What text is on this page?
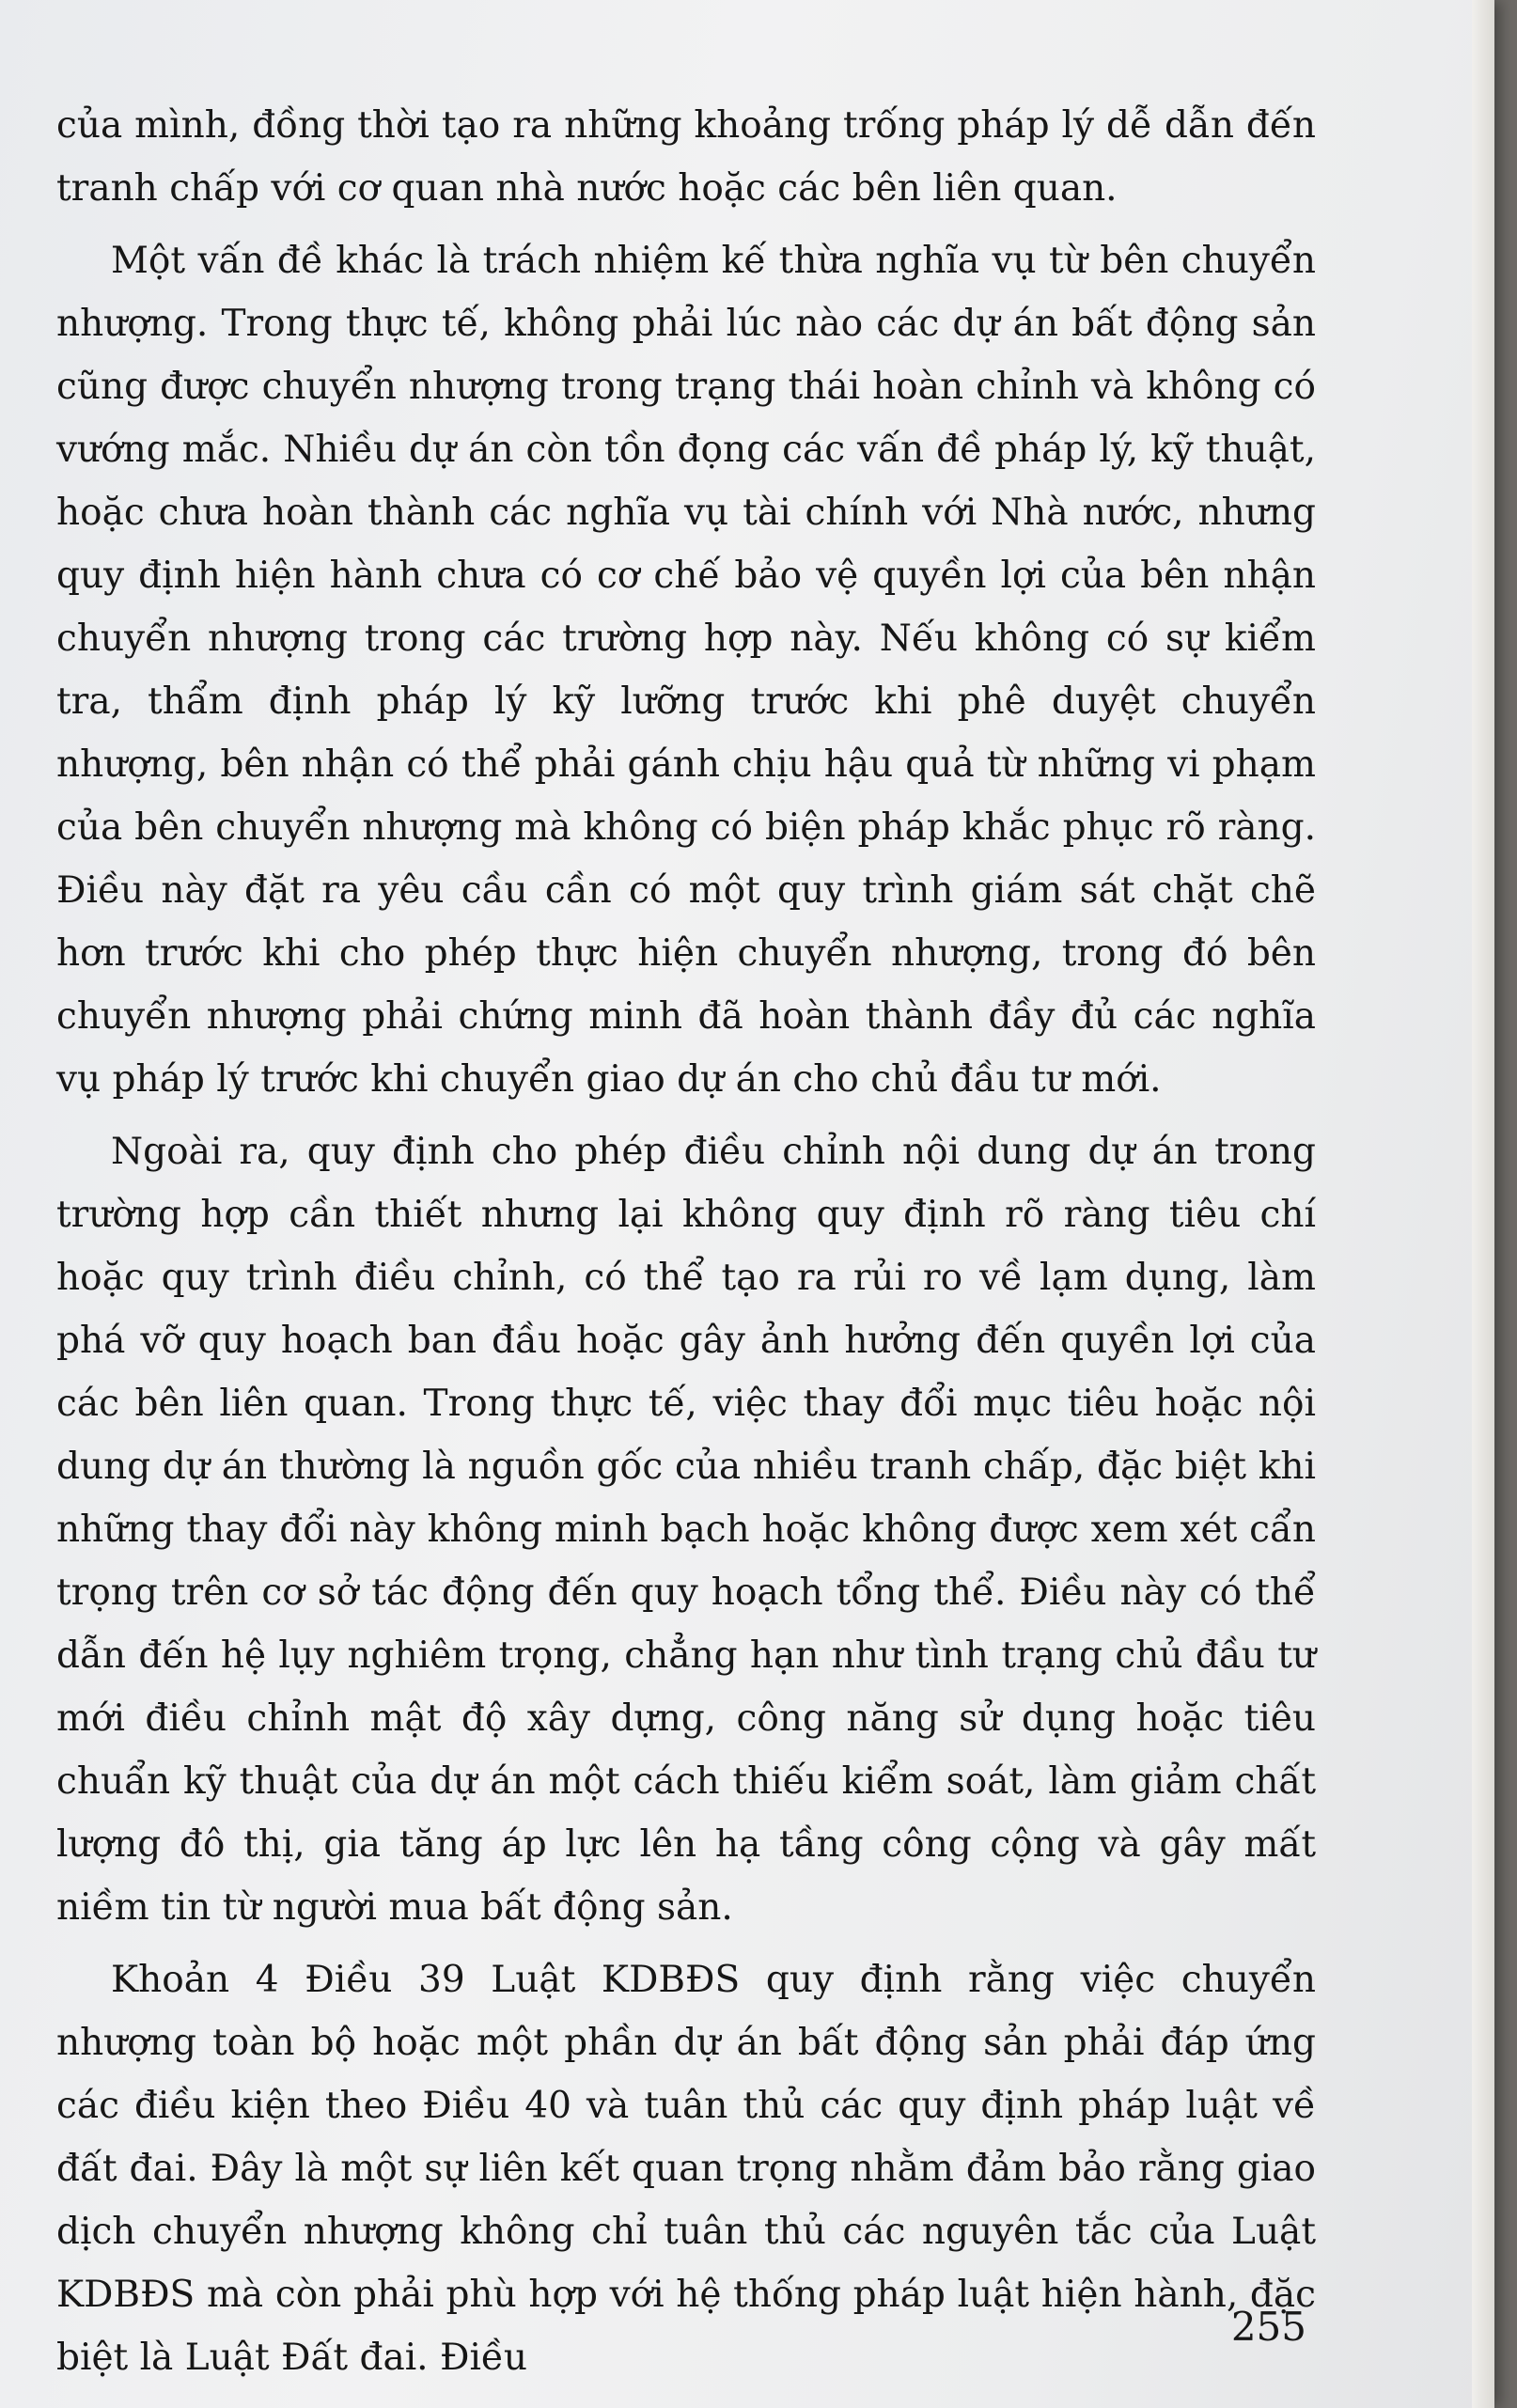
của mình, đồng thời tạo ra những khoảng trống pháp lý dễ dẫn đến tranh chấp với cơ quan nhà nước hoặc các bên liên quan.

Một vấn đề khác là trách nhiệm kế thừa nghĩa vụ từ bên chuyển nhượng. Trong thực tế, không phải lúc nào các dự án bất động sản cũng được chuyển nhượng trong trạng thái hoàn chỉnh và không có vướng mắc. Nhiều dự án còn tồn đọng các vấn đề pháp lý, kỹ thuật, hoặc chưa hoàn thành các nghĩa vụ tài chính với Nhà nước, nhưng quy định hiện hành chưa có cơ chế bảo vệ quyền lợi của bên nhận chuyển nhượng trong các trường hợp này. Nếu không có sự kiểm tra, thẩm định pháp lý kỹ lưỡng trước khi phê duyệt chuyển nhượng, bên nhận có thể phải gánh chịu hậu quả từ những vi phạm của bên chuyển nhượng mà không có biện pháp khắc phục rõ ràng. Điều này đặt ra yêu cầu cần có một quy trình giám sát chặt chẽ hơn trước khi cho phép thực hiện chuyển nhượng, trong đó bên chuyển nhượng phải chứng minh đã hoàn thành đầy đủ các nghĩa vụ pháp lý trước khi chuyển giao dự án cho chủ đầu tư mới.

Ngoài ra, quy định cho phép điều chỉnh nội dung dự án trong trường hợp cần thiết nhưng lại không quy định rõ ràng tiêu chí hoặc quy trình điều chỉnh, có thể tạo ra rủi ro về lạm dụng, làm phá vỡ quy hoạch ban đầu hoặc gây ảnh hưởng đến quyền lợi của các bên liên quan. Trong thực tế, việc thay đổi mục tiêu hoặc nội dung dự án thường là nguồn gốc của nhiều tranh chấp, đặc biệt khi những thay đổi này không minh bạch hoặc không được xem xét cẩn trọng trên cơ sở tác động đến quy hoạch tổng thể. Điều này có thể dẫn đến hệ lụy nghiêm trọng, chẳng hạn như tình trạng chủ đầu tư mới điều chỉnh mật độ xây dựng, công năng sử dụng hoặc tiêu chuẩn kỹ thuật của dự án một cách thiếu kiểm soát, làm giảm chất lượng đô thị, gia tăng áp lực lên hạ tầng công cộng và gây mất niềm tin từ người mua bất động sản.

Khoản 4 Điều 39 Luật KDBĐS quy định rằng việc chuyển nhượng toàn bộ hoặc một phần dự án bất động sản phải đáp ứng các điều kiện theo Điều 40 và tuân thủ các quy định pháp luật về đất đai. Đây là một sự liên kết quan trọng nhằm đảm bảo rằng giao dịch chuyển nhượng không chỉ tuân thủ các nguyên tắc của Luật KDBĐS mà còn phải phù hợp với hệ thống pháp luật hiện hành, đặc biệt là Luật Đất đai. Điều

255
